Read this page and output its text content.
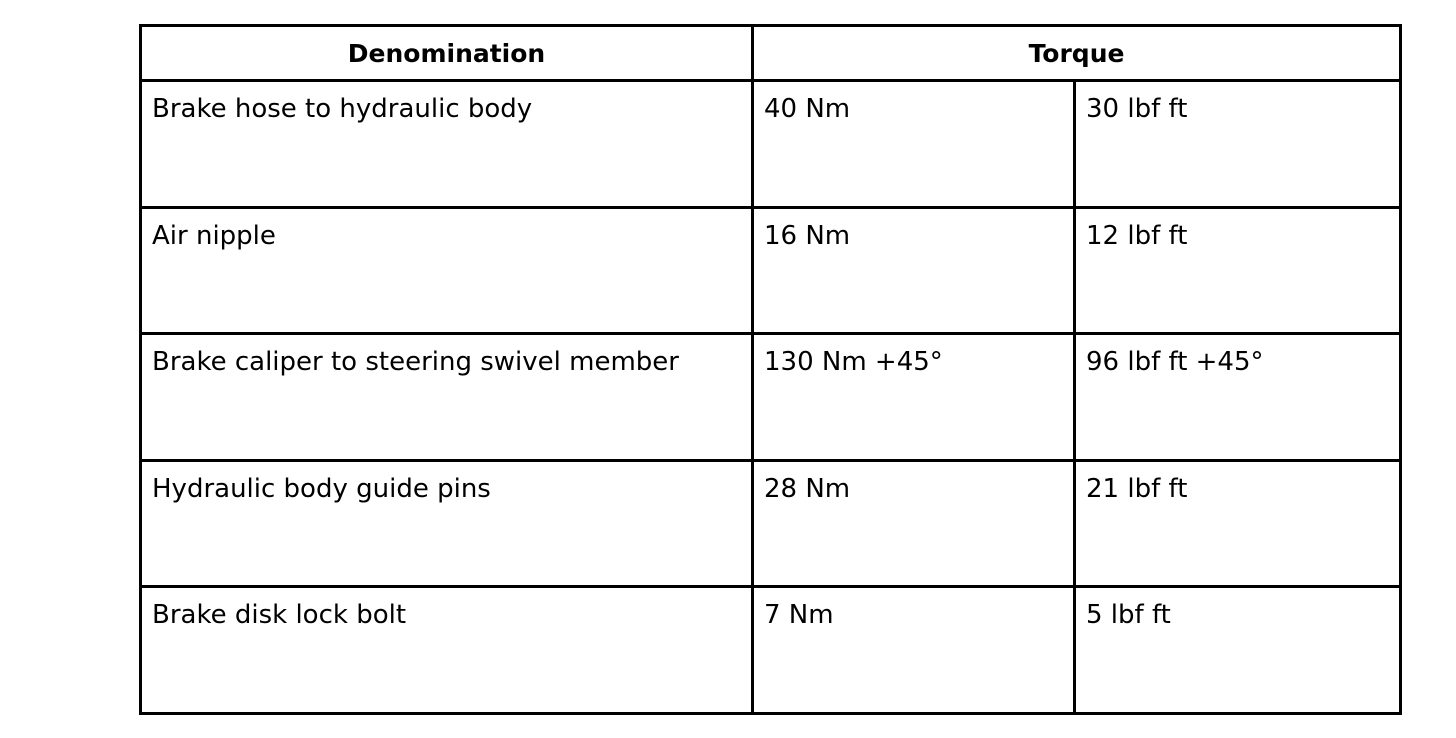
Denomination	Torque	
Brake hose to hydraulic body	40 Nm	30 lbf ft
Air nipple	16 Nm	12 lbf ft
Brake caliper to steering swivel member	130 Nm +45°	96 lbf ft +45°
Hydraulic body guide pins	28 Nm	21 lbf ft
Brake disk lock bolt	7 Nm	5 lbf ft
